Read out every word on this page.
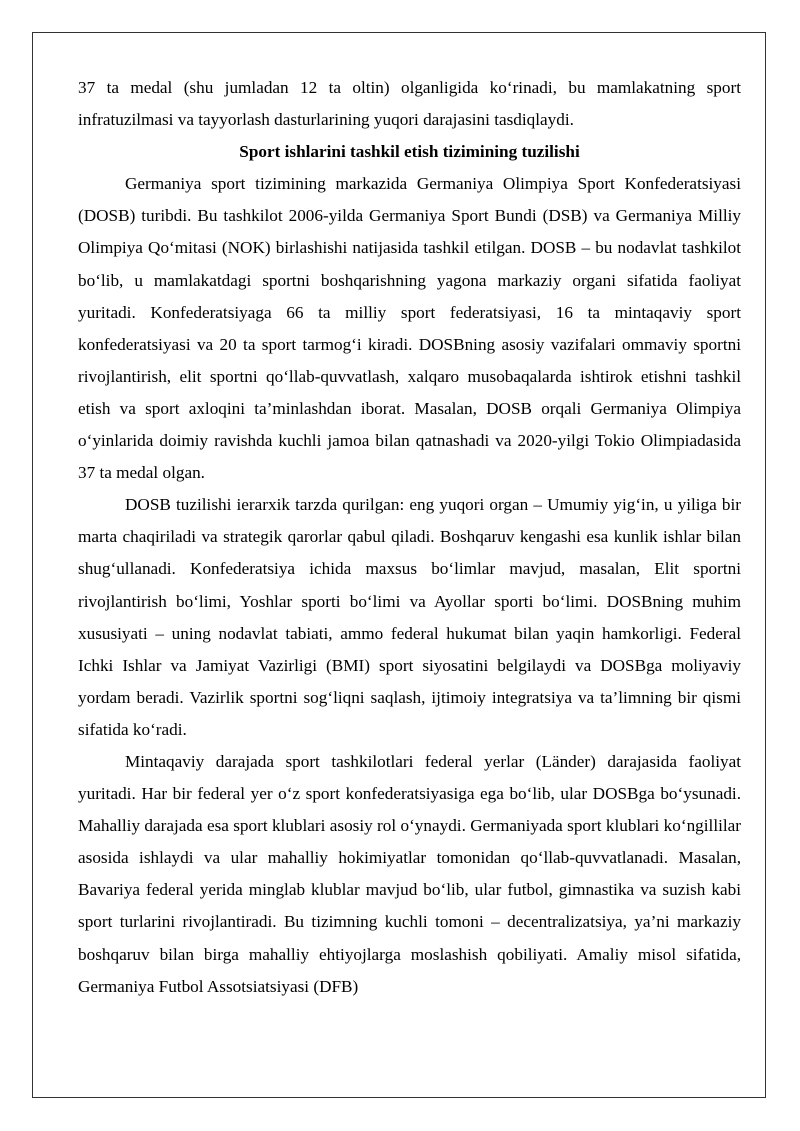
37 ta medal (shu jumladan 12 ta oltin) olganligida ko‘rinadi, bu mamlakatning sport infratuzilmasi va tayyorlash dasturlarining yuqori darajasini tasdiqlaydi.

Sport ishlarini tashkil etish tizimining tuzilishi

Germaniya sport tizimining markazida Germaniya Olimpiya Sport Konfederatsiyasi (DOSB) turibdi. Bu tashkilot 2006-yilda Germaniya Sport Bundi (DSB) va Germaniya Milliy Olimpiya Qo‘mitasi (NOK) birlashishi natijasida tashkil etilgan. DOSB – bu nodavlat tashkilot bo‘lib, u mamlakatdagi sportni boshqarishning yagona markaziy organi sifatida faoliyat yuritadi. Konfederatsiyaga 66 ta milliy sport federatsiyasi, 16 ta mintaqaviy sport konfederatsiyasi va 20 ta sport tarmog‘i kiradi. DOSBning asosiy vazifalari ommaviy sportni rivojlantirish, elit sportni qo‘llab-quvvatlash, xalqaro musobaqalarda ishtirok etishni tashkil etish va sport axloqini ta’minlashdan iborat. Masalan, DOSB orqali Germaniya Olimpiya o‘yinlarida doimiy ravishda kuchli jamoa bilan qatnashadi va 2020-yilgi Tokio Olimpiadasida 37 ta medal olgan.

DOSB tuzilishi ierarxik tarzda qurilgan: eng yuqori organ – Umumiy yig‘in, u yiliga bir marta chaqiriladi va strategik qarorlar qabul qiladi. Boshqaruv kengashi esa kunlik ishlar bilan shug‘ullanadi. Konfederatsiya ichida maxsus bo‘limlar mavjud, masalan, Elit sportni rivojlantirish bo‘limi, Yoshlar sporti bo‘limi va Ayollar sporti bo‘limi. DOSBning muhim xususiyati – uning nodavlat tabiati, ammo federal hukumat bilan yaqin hamkorligi. Federal Ichki Ishlar va Jamiyat Vazirligi (BMI) sport siyosatini belgilaydi va DOSBga moliyaviy yordam beradi. Vazirlik sportni sog‘liqni saqlash, ijtimoiy integratsiya va ta’limning bir qismi sifatida ko‘radi.

Mintaqaviy darajada sport tashkilotlari federal yerlar (Länder) darajasida faoliyat yuritadi. Har bir federal yer o‘z sport konfederatsiyasiga ega bo‘lib, ular DOSBga bo‘ysunadi. Mahalliy darajada esa sport klublari asosiy rol o‘ynaydi. Germaniyada sport klublari ko‘ngillilar asosida ishlaydi va ular mahalliy hokimiyatlar tomonidan qo‘llab-quvvatlanadi. Masalan, Bavariya federal yerida minglab klublar mavjud bo‘lib, ular futbol, gimnastika va suzish kabi sport turlarini rivojlantiradi. Bu tizimning kuchli tomoni – decentralizatsiya, ya’ni markaziy boshqaruv bilan birga mahalliy ehtiyojlarga moslashish qobiliyati. Amaliy misol sifatida, Germaniya Futbol Assotsiatsiyasi (DFB)
